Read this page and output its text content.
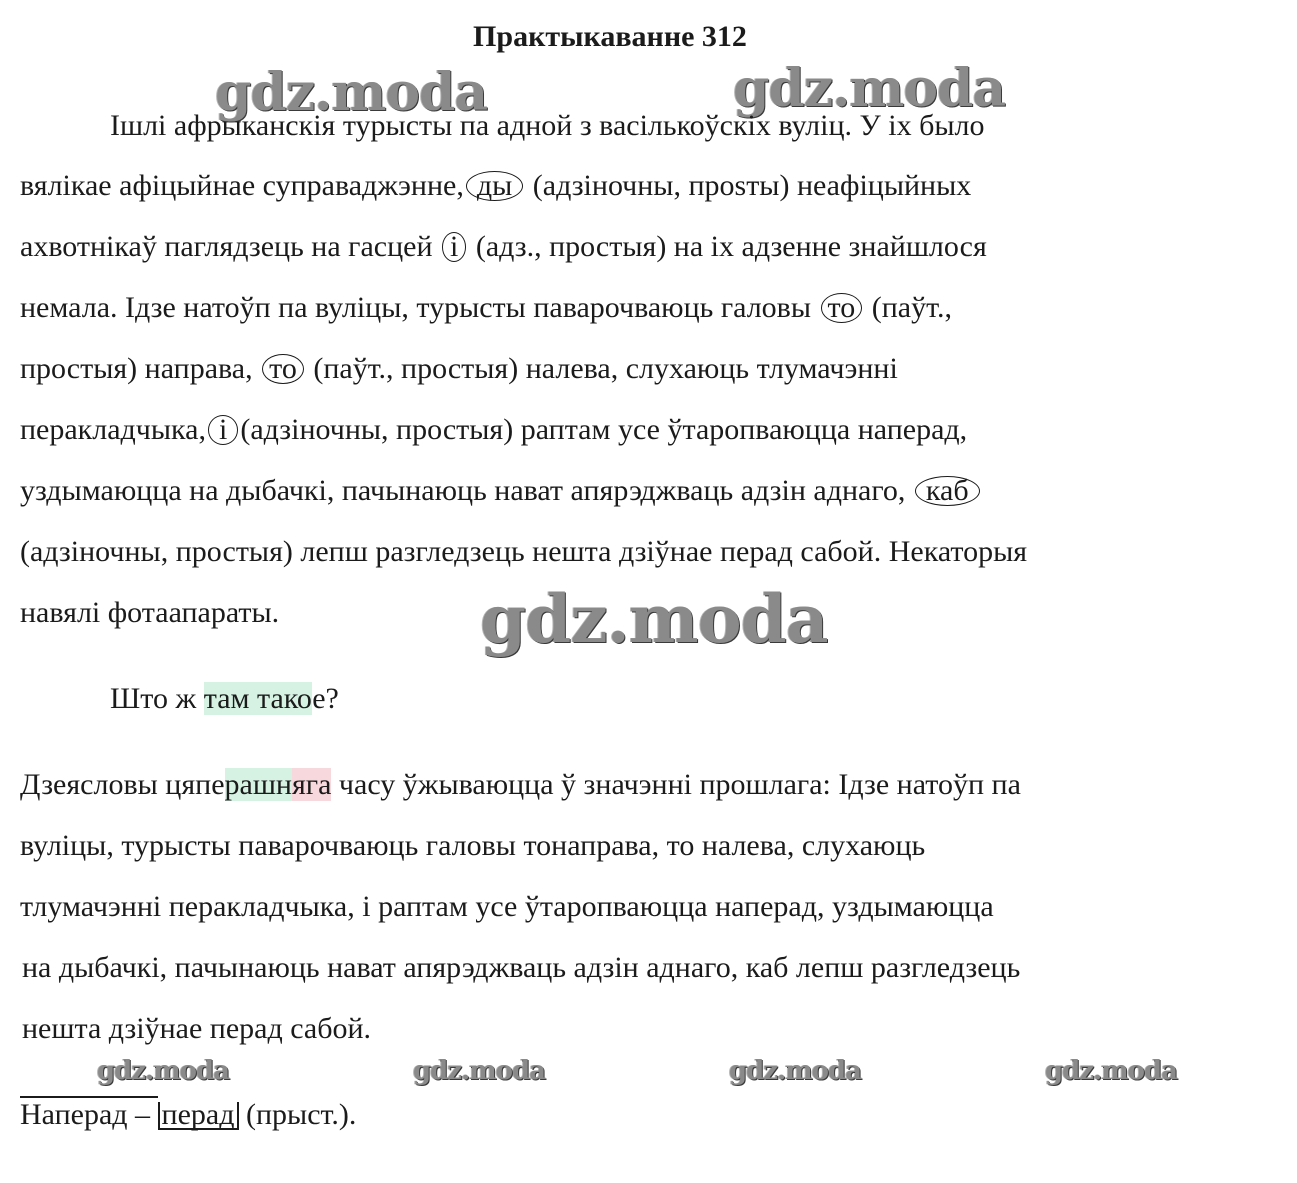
Практыкаванне 312
gdz.moda	gdz.moda
Ішлі афрыканскія турысты па адной з васількоўскіх вуліц. У іх было
вялікае афіцыйнае суправаджэнне, ды (адзіночны, прosты) неафіцыйных
ахвотнікаў паглядзець на гасцей і (адз., простыя) на іх адзенне знайшлося
немала. Ідзе натоўп па вуліцы, турысты паварочваюць галовы то (паўт.,
простыя) направа, то (паўт., простыя) налева, слухаюць тлумачэнні
перакладчыка, і (адзіночны, простыя) раптам усе ўтаропваюцца наперад,
уздымаюцца на дыбачкі, пачынаюць нават апярэджваць адзін аднаго, каб
(адзіночны, простыя) лепш разгледзець нешта дзіўнае перад сабой. Некаторыя
навялі фотаапараты.	gdz.moda
Што ж там такое?
Дзеясловы цяперашняга часу ўжываюцца ў значэнні прошлага: Ідзе натоўп па
вуліцы, турысты паварочваюць галовы тонаправа, то налева, слухаюць
тлумачэнні перакладчыка, і раптам усе ўтаропваюцца наперад, уздымаюцца
на дыбачкі, пачынаюць нават апярэджваць адзін аднаго, каб лепш разгледзець
нешта дзіўнае перад сабой.
gdz.moda	gdz.moda	gdz.moda	gdz.moda
Наперад – перад (прыст.).
